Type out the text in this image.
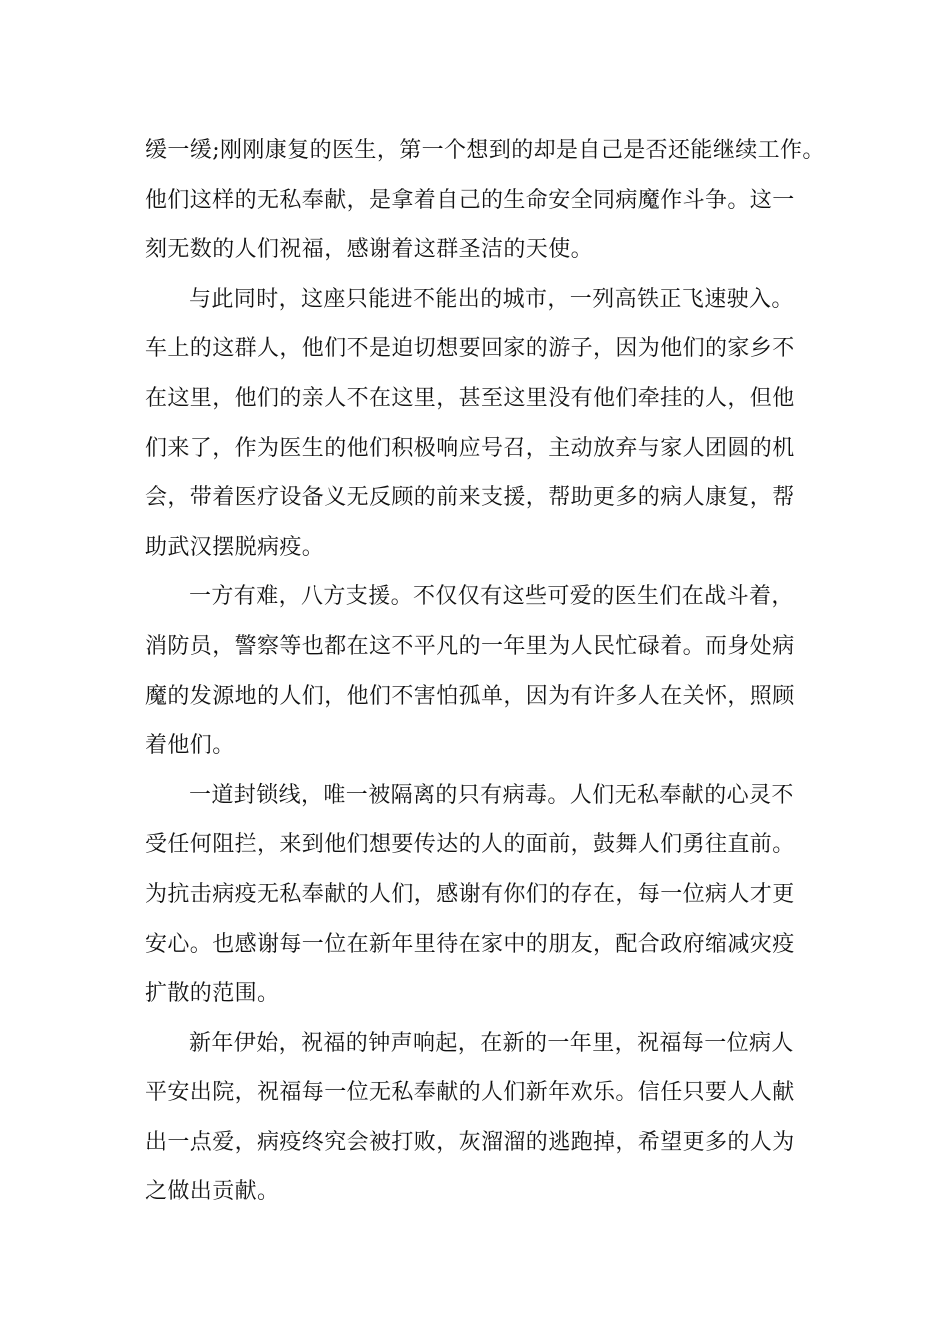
缓一缓;刚刚康复的医生，第一个想到的却是自己是否还能继续工作。
他们这样的无私奉献，是拿着自己的生命安全同病魔作斗争。这一
刻无数的人们祝福，感谢着这群圣洁的天使。
与此同时，这座只能进不能出的城市，一列高铁正飞速驶入。
车上的这群人，他们不是迫切想要回家的游子，因为他们的家乡不
在这里，他们的亲人不在这里，甚至这里没有他们牵挂的人，但他
们来了，作为医生的他们积极响应号召，主动放弃与家人团圆的机
会，带着医疗设备义无反顾的前来支援，帮助更多的病人康复，帮
助武汉摆脱病疫。
一方有难，八方支援。不仅仅有这些可爱的医生们在战斗着，
消防员，警察等也都在这不平凡的一年里为人民忙碌着。而身处病
魔的发源地的人们，他们不害怕孤单，因为有许多人在关怀，照顾
着他们。
一道封锁线，唯一被隔离的只有病毒。人们无私奉献的心灵不
受任何阻拦，来到他们想要传达的人的面前，鼓舞人们勇往直前。
为抗击病疫无私奉献的人们，感谢有你们的存在，每一位病人才更
安心。也感谢每一位在新年里待在家中的朋友，配合政府缩减灾疫
扩散的范围。
新年伊始，祝福的钟声响起，在新的一年里，祝福每一位病人
平安出院，祝福每一位无私奉献的人们新年欢乐。信任只要人人献
出一点爱，病疫终究会被打败，灰溜溜的逃跑掉，希望更多的人为
之做出贡献。
